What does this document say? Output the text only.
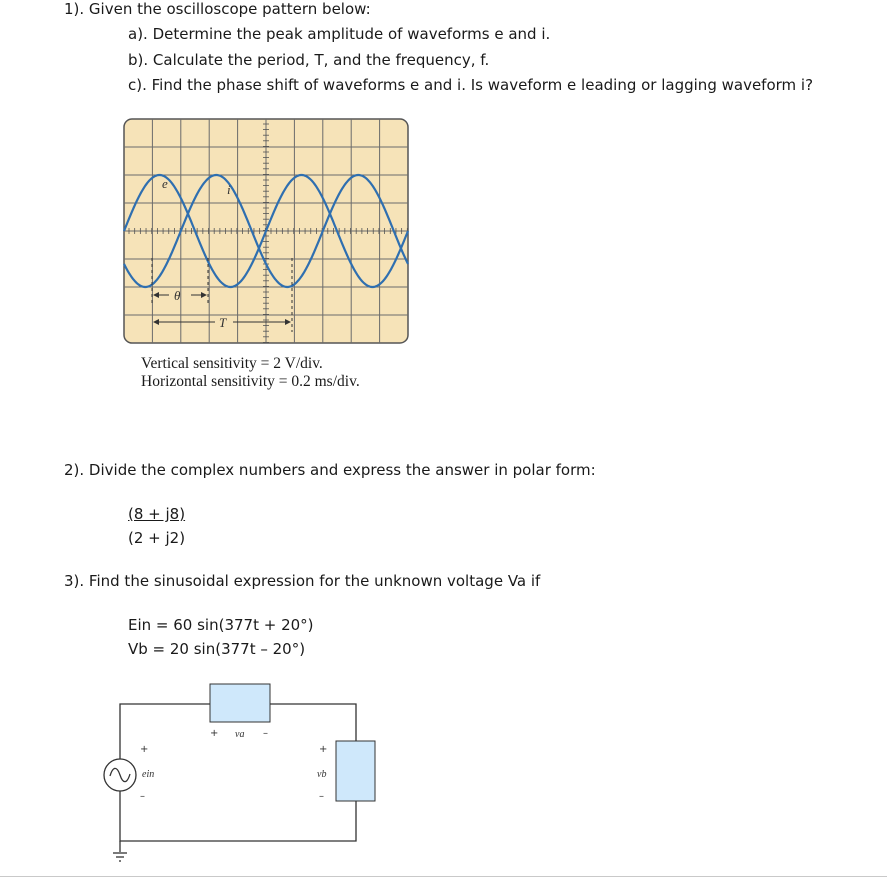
1). Given the oscilloscope pattern below:
a). Determine the peak amplitude of waveforms e and i.
b). Calculate the period, T, and the frequency, f.
c). Find the phase shift of waveforms e and i. Is waveform e leading or lagging waveform i?
e	i
θ
T
Vertical sensitivity = 2 V/div.
Horizontal sensitivity = 0.2 ms/div.
2). Divide the complex numbers and express the answer in polar form:
(8 + j8)
(2 + j2)
3). Find the sinusoidal expression for the unknown voltage Va if
Ein = 60 sin(377t + 20°)
Vb = 20 sin(377t – 20°)
+ va –
+
ein
–
+
vb
–
